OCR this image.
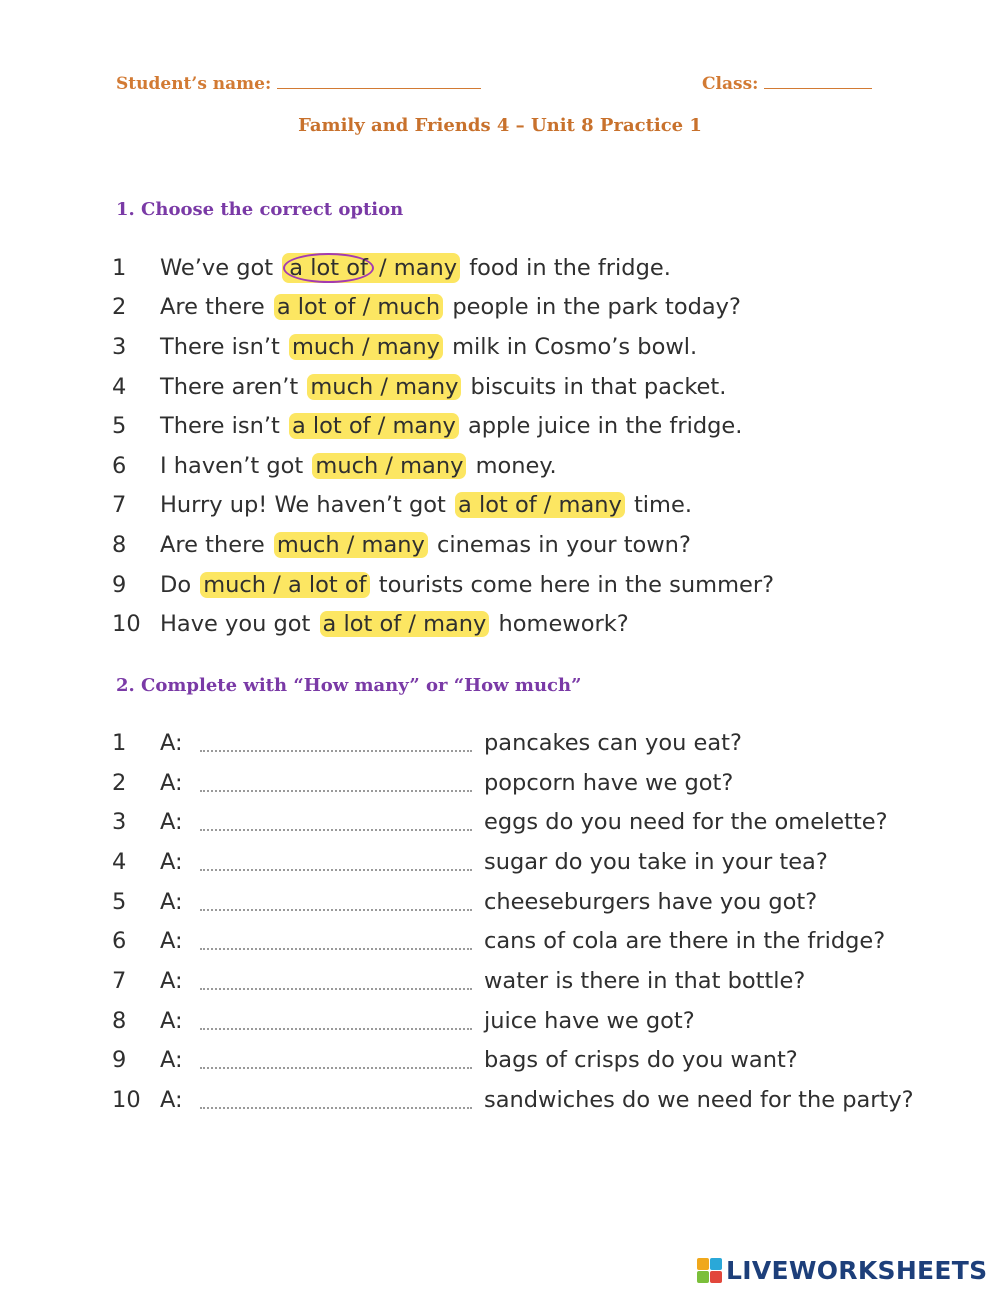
Student’s name:	Class:
Family and Friends 4 – Unit 8 Practice 1
1. Choose the correct option
1	We’ve got
a lot of / many
food in the fridge.
2	Are there
a lot of / much
people in the park today?
3	There isn’t
much / many
milk in Cosmo’s bowl.
4	There aren’t
much / many
biscuits in that packet.
5	There isn’t
a lot of / many
apple juice in the fridge.
6	I haven’t got
much / many
money.
7	Hurry up! We haven’t got
a lot of / many
time.
8	Are there
much / many
cinemas in your town?
9	Do
much / a lot of
tourists come here in the summer?
10 Have you got
a lot of / many
homework?
2. Complete with “How many” or “How much”
1	A:	pancakes can you eat?
2	A:	popcorn have we got?
3	A:	eggs do you need for the omelette?
4	A:	sugar do you take in your tea?
5	A:	cheeseburgers have you got?
6	A:	cans of cola are there in the fridge?
7	A:	water is there in that bottle?
8	A:	juice have we got?
9	A:	bags of crisps do you want?
10 A:	sandwiches do we need for the party?
LIVEWORKSHEETS
